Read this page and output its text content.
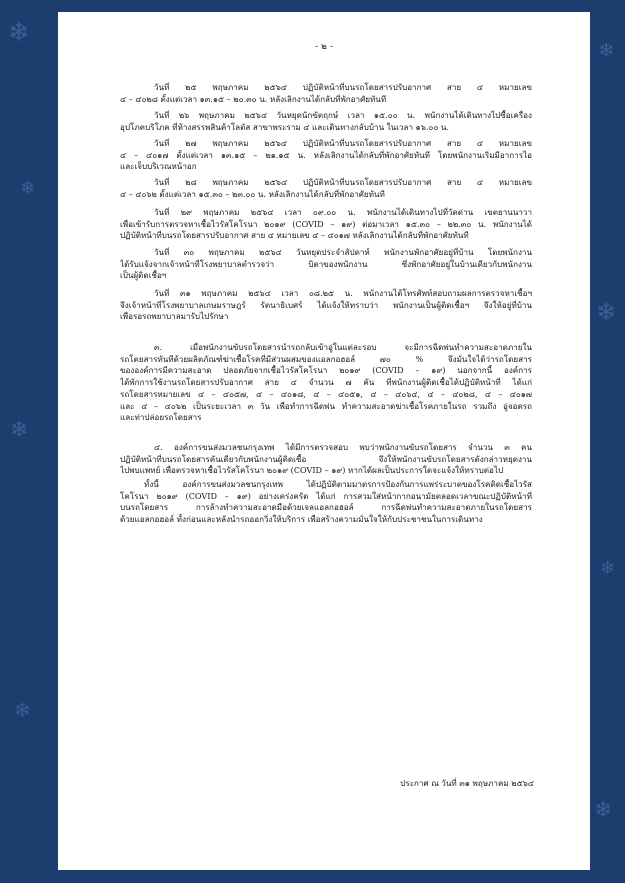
❄
❄
❄
❄
❄
❄
❄
❄
- ๒ -
วันที่ ๒๕ พฤษภาคม ๒๕๖๔ ปฏิบัติหน้าที่บนรถโดยสารปรับอากาศ สาย ๔ หมายเลข
๔ – ๔๐๒๘ ตั้งแต่เวลา ๑๓.๑๕ – ๒๐.๓๐ น. หลังเลิกงานได้กลับที่พักอาศัยทันที
วันที่ ๒๖ พฤษภาคม ๒๕๖๔ วันหยุดนักขัตฤกษ์ เวลา ๑๕.๐๐ น. พนักงานได้เดินทางไปซื้อเครื่อง
อุปโภคบริโภค ที่ห้างสรรพสินค้าโลตัส สาขาพระราม ๔ และเดินทางกลับบ้าน ในเวลา ๑๖.๐๐ น.
วันที่ ๒๗ พฤษภาคม ๒๕๖๔ ปฏิบัติหน้าที่บนรถโดยสารปรับอากาศ สาย ๔ หมายเลข
๔ – ๔๐๑๗ ตั้งแต่เวลา ๑๓.๑๕ – ๒๑.๑๕ น. หลังเลิกงานได้กลับที่พักอาศัยทันที โดยพนักงานเริ่มมีอาการไอ
และเจ็บบริเวณหน้าอก
วันที่ ๒๘ พฤษภาคม ๒๕๖๔ ปฏิบัติหน้าที่บนรถโดยสารปรับอากาศ สาย ๔ หมายเลข
๔ – ๔๐๖๒ ตั้งแต่เวลา ๑๕.๓๐ – ๒๓.๐๐ น. หลังเลิกงานได้กลับที่พักอาศัยทันที
วันที่ ๒๙ พฤษภาคม ๒๕๖๔ เวลา ๐๙.๐๐ น. พนักงานได้เดินทางไปที่วัดด่าน เขตยานนาวา
เพื่อเข้ารับการตรวจหาเชื้อไวรัสโคโรนา ๒๐๑๙ (COVID – ๑๙) ต่อมาเวลา ๑๕.๓๐ – ๒๒.๓๐ น. พนักงานได้
ปฏิบัติหน้าที่บนรถโดยสารปรับอากาศ สาย ๔ หมายเลข ๔ – ๔๐๑๗ หลังเลิกงานได้กลับที่พักอาศัยทันที
วันที่ ๓๐ พฤษภาคม ๒๕๖๔ วันหยุดประจำสัปดาห์ พนักงานพักอาศัยอยู่ที่บ้าน โดยพนักงาน
ได้รับแจ้งจากเจ้าหน้าที่โรงพยาบาลตำรวจว่า บิดาของพนักงาน ซึ่งพักอาศัยอยู่ในบ้านเดียวกับพนักงาน
เป็นผู้ติดเชื้อฯ
วันที่ ๓๑ พฤษภาคม ๒๕๖๔ เวลา ๐๘.๒๕ น. พนักงานได้โทรศัพท์สอบถามผลการตรวจหาเชื้อฯ
จึงเจ้าหน้าที่โรงพยาบาลเกษมราษฎร์ รัตนาธิเบศร์ ได้แจ้งให้ทราบว่า พนักงานเป็นผู้ติดเชื้อฯ จึงให้อยู่ที่บ้าน
เพื่อรอรถพยาบาลมารับไปรักษา
๓. เมื่อพนักงานขับรถโดยสารนำรถกลับเข้าอู่ในแต่ละรอบ จะมีการฉีดพ่นทำความสะอาดภายใน
รถโดยสารทันทีด้วยผลิตภัณฑ์ฆ่าเชื้อโรคที่มีส่วนผสมของแอลกอฮอล์ ๗๐ % จึงมั่นใจได้ว่ารถโดยสาร
ขององค์การมีความสะอาด ปลอดภัยจากเชื้อไวรัสโคโรนา ๒๐๑๙ (COVID – ๑๙) นอกจากนี้ องค์การ
ได้พักการใช้งานรถโดยสารปรับอากาศ สาย ๔ จำนวน ๗ คัน ที่พนักงานผู้ติดเชื้อได้ปฏิบัติหน้าที่ ได้แก่
รถโดยสารหมายเลข ๔ – ๔๐๕๗, ๔ – ๔๐๑๘, ๔ – ๔๐๕๑, ๔ – ๔๐๖๔, ๔ – ๔๐๒๘, ๔ – ๔๐๑๗
และ ๔ – ๔๐๖๒ เป็นระยะเวลา ๓ วัน เพื่อทำการฉีดพ่น ทำความสะอาดฆ่าเชื้อโรคภายในรถ รวมถึง อู่จอดรถ
และท่าปล่อยรถโดยสาร
๔. องค์การขนส่งมวลชนกรุงเทพ ได้มีการตรวจสอบ พบว่าพนักงานขับรถโดยสาร จำนวน ๓ คน
ปฏิบัติหน้าที่บนรถโดยสารคันเดียวกับพนักงานผู้ติดเชื้อ จึงให้พนักงานขับรถโดยสารดังกล่าวหยุดงาน
ไปพบแพทย์ เพื่อตรวจหาเชื้อไวรัสโคโรนา ๒๐๑๙ (COVID – ๑๙) หากได้ผลเป็นประการใดจะแจ้งให้ทราบต่อไป
ทั้งนี้ องค์การขนส่งมวลชนกรุงเทพ ได้ปฏิบัติตามมาตรการป้องกันการแพร่ระบาดของโรคติดเชื้อไวรัส
โคโรนา ๒๐๑๙ (COVID – ๑๙) อย่างเคร่งครัด ได้แก่ การสวมใส่หน้ากากอนามัยตลอดเวลาขณะปฏิบัติหน้าที่
บนรถโดยสาร การล้างทำความสะอาดมือด้วยเจลแอลกอฮอล์ การฉีดพ่นทำความสะอาดภายในรถโดยสาร
ด้วยแอลกอฮอล์ ทั้งก่อนและหลังนำรถออกวิ่งให้บริการ เพื่อสร้างความมั่นใจให้กับประชาชนในการเดินทาง
ประกาศ ณ วันที่ ๓๑ พฤษภาคม ๒๕๖๔
